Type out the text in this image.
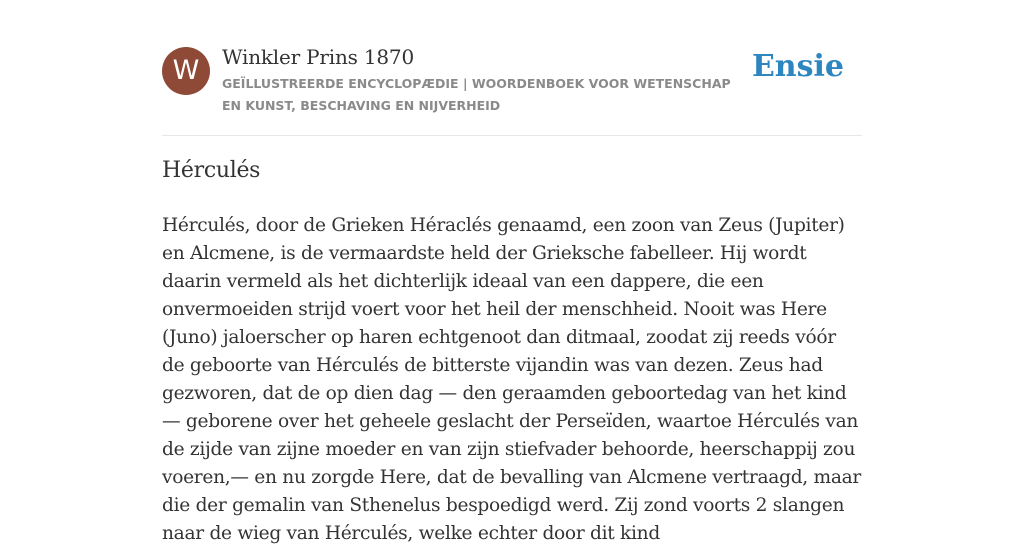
W	Winkler Prins 1870
GEÏLLUSTREERDE ENCYCLOPÆDIE | WOORDENBOEK VOOR WETENSCHAP EN KUNST, BESCHAVING EN NIJVERHEID
Ensie
Hérculés

Hérculés, door de Grieken Héraclés genaamd, een zoon van Zeus (Jupiter) en Alcmene, is de vermaardste held der Grieksche fabelleer. Hij wordt daarin vermeld als het dichterlijk ideaal van een dappere, die een onvermoeiden strijd voert voor het heil der menschheid. Nooit was Here (Juno) jaloerscher op haren echtgenoot dan ditmaal, zoodat zij reeds vóór de geboorte van Hérculés de bitterste vijandin was van dezen. Zeus had gezworen, dat de op dien dag — den geraamden geboortedag van het kind — geborene over het geheele geslacht der Perseïden, waartoe Hérculés van de zijde van zijne moeder en van zijn stiefvader behoorde, heerschappij zou voeren,— en nu zorgde Here, dat de bevalling van Alcmene vertraagd, maar die der gemalin van Sthenelus bespoedigd werd. Zij zond voorts 2 slangen naar de wieg van Hérculés, welke echter door dit kind
